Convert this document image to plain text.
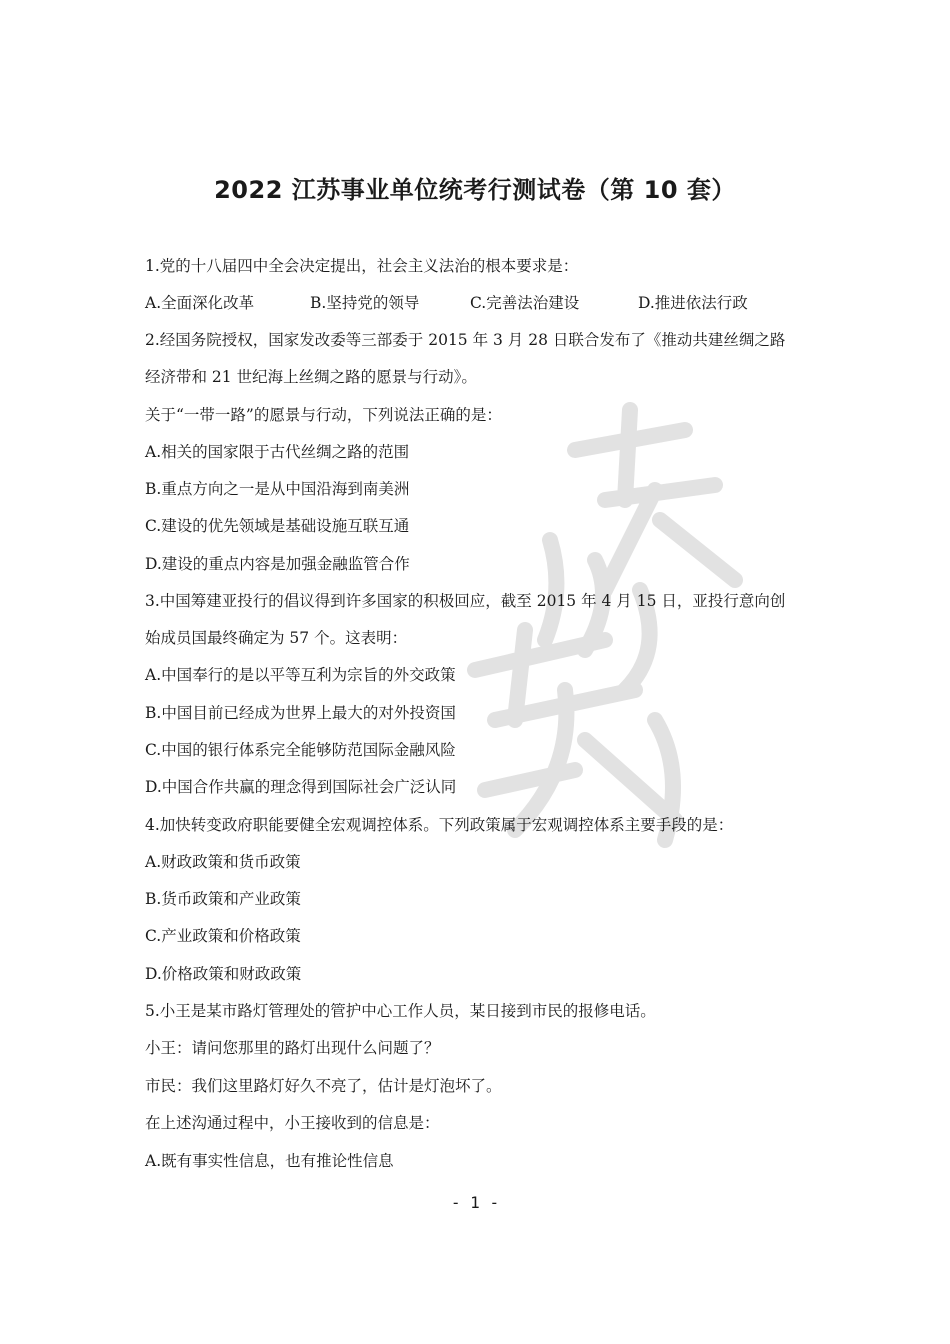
2022 江苏事业单位统考行测试卷（第 10 套）
1.党的十八届四中全会决定提出，社会主义法治的根本要求是：
A.全面深化改革	B.坚持党的领导	C.完善法治建设	D.推进依法行政
2.经国务院授权，国家发改委等三部委于 2015 年 3 月 28 日联合发布了《推动共建丝绸之路
经济带和 21 世纪海上丝绸之路的愿景与行动》。
关于“一带一路”的愿景与行动，下列说法正确的是：
A.相关的国家限于古代丝绸之路的范围
B.重点方向之一是从中国沿海到南美洲
C.建设的优先领域是基础设施互联互通
D.建设的重点内容是加强金融监管合作
3.中国筹建亚投行的倡议得到许多国家的积极回应，截至 2015 年 4 月 15 日，亚投行意向创
始成员国最终确定为 57 个。这表明：
A.中国奉行的是以平等互利为宗旨的外交政策
B.中国目前已经成为世界上最大的对外投资国
C.中国的银行体系完全能够防范国际金融风险
D.中国合作共赢的理念得到国际社会广泛认同
4.加快转变政府职能要健全宏观调控体系。下列政策属于宏观调控体系主要手段的是：
A.财政政策和货币政策
B.货币政策和产业政策
C.产业政策和价格政策
D.价格政策和财政政策
5.小王是某市路灯管理处的管护中心工作人员，某日接到市民的报修电话。
小王：请问您那里的路灯出现什么问题了？
市民：我们这里路灯好久不亮了，估计是灯泡坏了。
在上述沟通过程中，小王接收到的信息是：
A.既有事实性信息，也有推论性信息
- 1 -
